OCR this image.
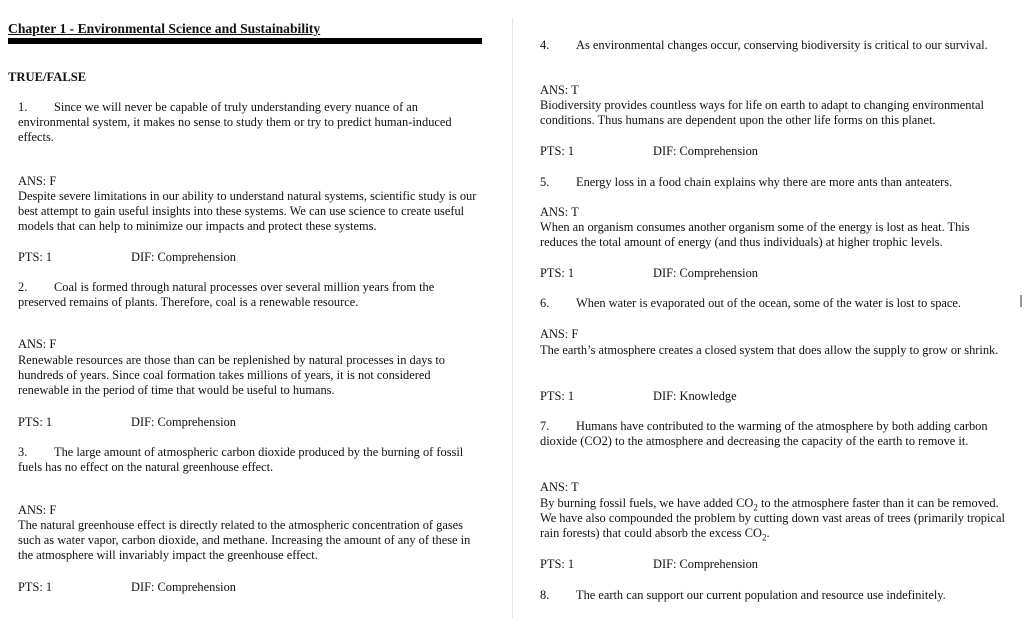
Chapter 1 - Environmental Science and Sustainability
TRUE/FALSE

1. Since we will never be capable of truly understanding every nuance of an environmental system, it makes no sense to study them or try to predict human-induced effects.

ANS: F

Despite severe limitations in our ability to understand natural systems, scientific study is our best attempt to gain useful insights into these systems. We can use science to create useful models that can help to minimize our impacts and protect these systems.

PTS: 1	DIF: Comprehension

2. Coal is formed through natural processes over several million years from the preserved remains of plants. Therefore, coal is a renewable resource.

ANS: F

Renewable resources are those than can be replenished by natural processes in days to hundreds of years. Since coal formation takes millions of years, it is not considered renewable in the period of time that would be useful to humans.

PTS: 1	DIF: Comprehension

3. The large amount of atmospheric carbon dioxide produced by the burning of fossil fuels has no effect on the natural greenhouse effect.

ANS: F

The natural greenhouse effect is directly related to the atmospheric concentration of gases such as water vapor, carbon dioxide, and methane. Increasing the amount of any of these in the atmosphere will invariably impact the greenhouse effect.

PTS: 1	DIF: Comprehension

4. As environmental changes occur, conserving biodiversity is critical to our survival.

ANS: T

Biodiversity provides countless ways for life on earth to adapt to changing environmental conditions. Thus humans are dependent upon the other life forms on this planet.

PTS: 1	DIF: Comprehension

5. Energy loss in a food chain explains why there are more ants than anteaters.

ANS: T

When an organism consumes another organism some of the energy is lost as heat. This reduces the total amount of energy (and thus individuals) at higher trophic levels.

PTS: 1	DIF: Comprehension

6. When water is evaporated out of the ocean, some of the water is lost to space.

ANS: F

The earth’s atmosphere creates a closed system that does allow the supply to grow or shrink.

PTS: 1	DIF: Knowledge

7. Humans have contributed to the warming of the atmosphere by both adding carbon dioxide (CO2) to the atmosphere and decreasing the capacity of the earth to remove it.

ANS: T

By burning fossil fuels, we have added $CO_2$ to the atmosphere faster than it can be removed. We have also compounded the problem by cutting down vast areas of trees (primarily tropical rain forests) that could absorb the excess $CO_2$.

PTS: 1	DIF: Comprehension

8. The earth can support our current population and resource use indefinitely.
